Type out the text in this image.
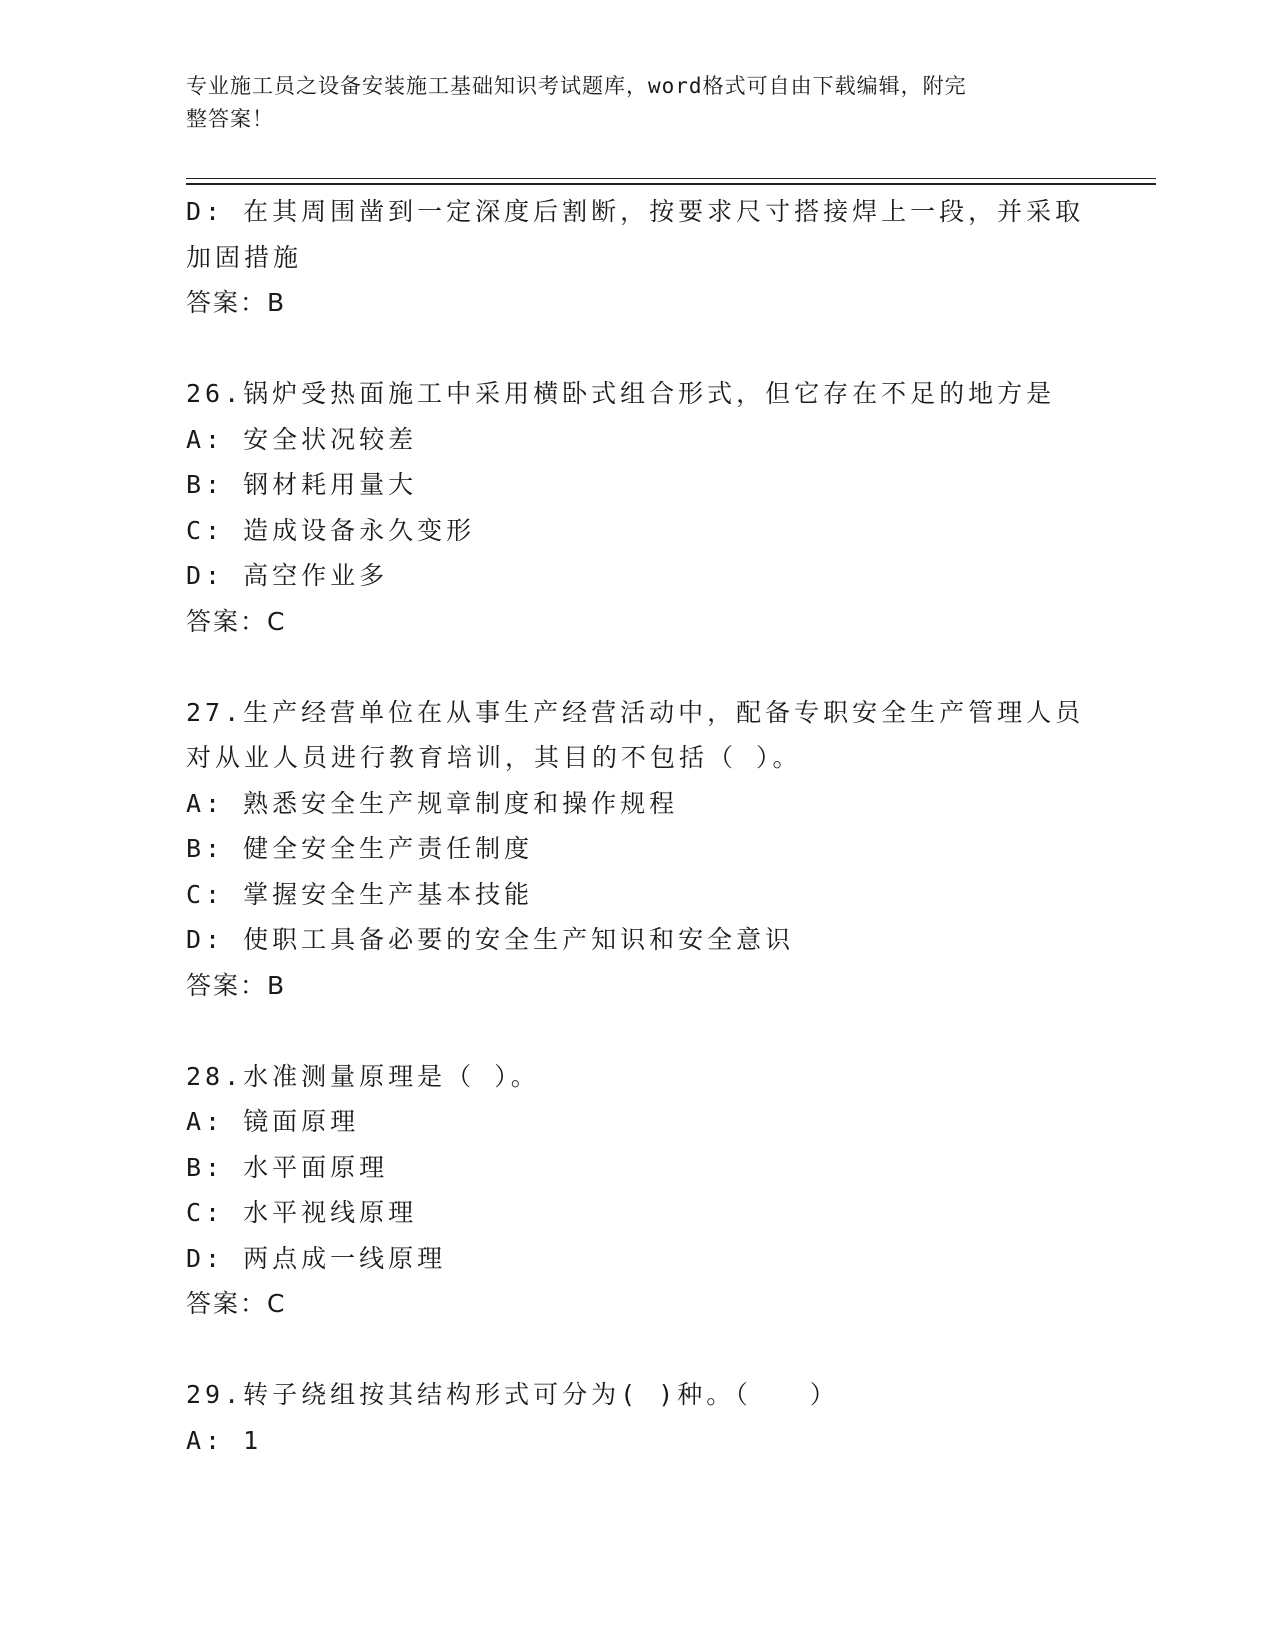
专业施工员之设备安装施工基础知识考试题库，word格式可自由下载编辑，附完
整答案！
D: 在其周围凿到一定深度后割断，按要求尺寸搭接焊上一段，并采取
加固措施
答案：B
26.锅炉受热面施工中采用横卧式组合形式，但它存在不足的地方是
A: 安全状况较差
B: 钢材耗用量大
C: 造成设备永久变形
D: 高空作业多
答案：C
27.生产经营单位在从事生产经营活动中，配备专职安全生产管理人员
对从业人员进行教育培训，其目的不包括（ ）。
A: 熟悉安全生产规章制度和操作规程
B: 健全安全生产责任制度
C: 掌握安全生产基本技能
D: 使职工具备必要的安全生产知识和安全意识
答案：B
28.水准测量原理是（ ）。
A: 镜面原理
B: 水平面原理
C: 水平视线原理
D: 两点成一线原理
答案：C
29.转子绕组按其结构形式可分为( )种。（　　）
A: 1
